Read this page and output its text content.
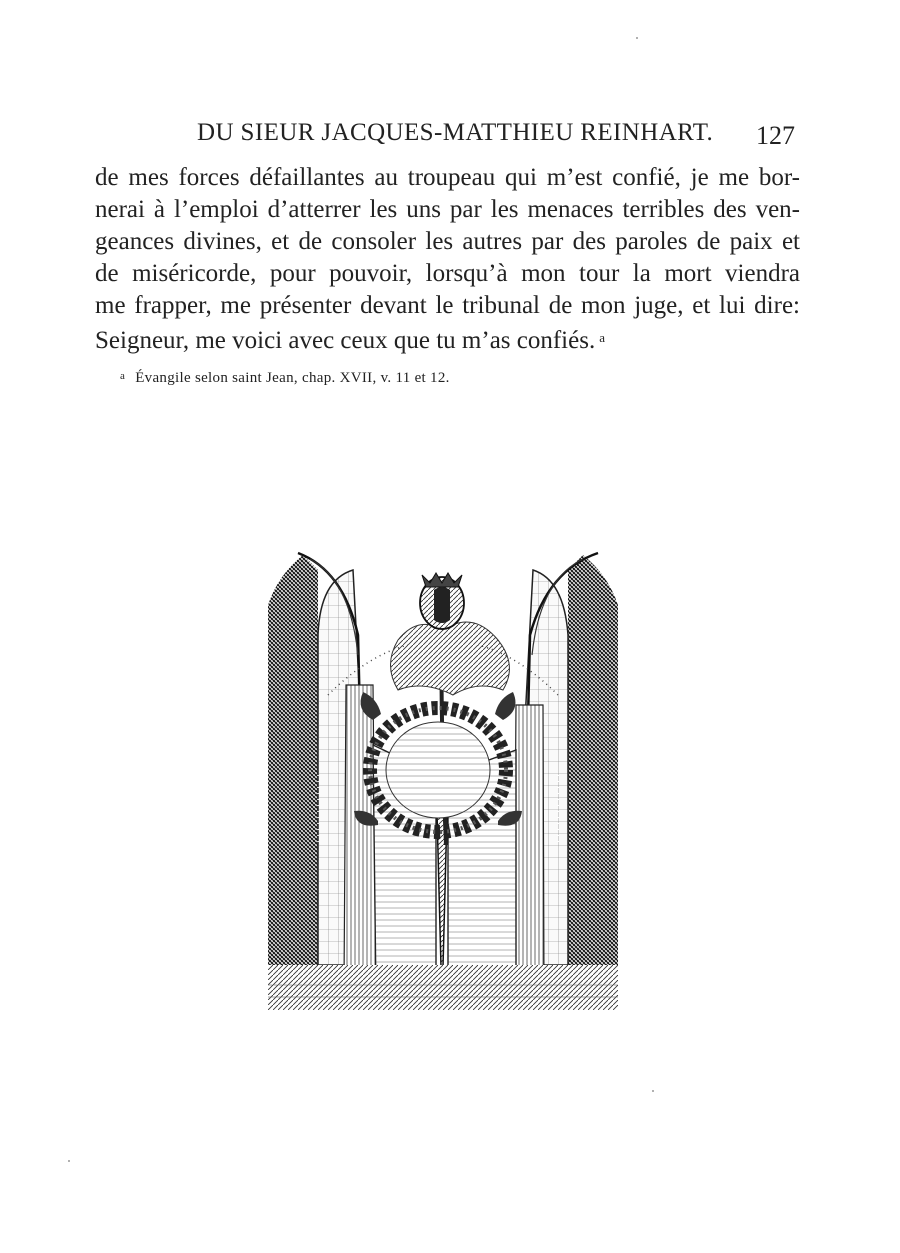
DU SIEUR JACQUES-MATTHIEU REINHART. 127
de mes forces défaillantes au troupeau qui m’est confié, je me bor-
nerai à l’emploi d’atterrer les uns par les menaces terribles des ven-
geances divines, et de consoler les autres par des paroles de paix et
de miséricorde, pour pouvoir, lorsqu’à mon tour la mort viendra
me frapper, me présenter devant le tribunal de mon juge, et lui dire:
Seigneur, me voici avec ceux que tu m’as confiés. $^a$
$^a$ Évangile selon saint Jean, chap. XVII, v. 11 et 12.
